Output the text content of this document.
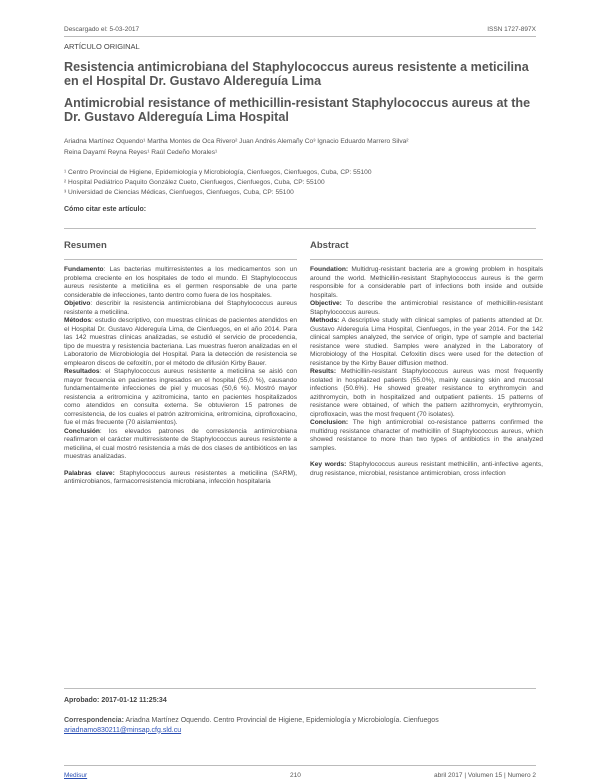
Descargado el: 5-03-2017	ISSN 1727-897X
ARTÍCULO ORIGINAL
Resistencia antimicrobiana del Staphylococcus aureus resistente a meticilina en el Hospital Dr. Gustavo Aldereguía Lima
Antimicrobial resistance of methicillin-resistant Staphylococcus aureus at the Dr. Gustavo Aldereguía Lima Hospital
Ariadna Martínez Oquendo¹ Martha Montes de Oca Rivero² Juan Andrés Alemañy Co³ Ignacio Eduardo Marrero Silva²
Reina Dayamí Reyna Reyes¹ Raúl Cedeño Morales¹
¹ Centro Provincial de Higiene, Epidemiología y Microbiología, Cienfuegos, Cienfuegos, Cuba, CP: 55100
² Hospital Pediátrico Paquito González Cueto, Cienfuegos, Cienfuegos, Cuba, CP: 55100
³ Universidad de Ciencias Médicas, Cienfuegos, Cienfuegos, Cuba, CP: 55100
Cómo citar este artículo:
Resumen

Fundamento: Las bacterias multirresistentes a los medicamentos son un problema creciente en los hospitales de todo el mundo. El Staphylococcus aureus resistente a meticilina es el germen responsable de una parte considerable de infecciones, tanto dentro como fuera de los hospitales.

Objetivo: describir la resistencia antimicrobiana del Staphylococcus aureus resistente a meticilina.

Métodos: estudio descriptivo, con muestras clínicas de pacientes atendidos en el Hospital Dr. Gustavo Aldereguía Lima, de Cienfuegos, en el año 2014. Para las 142 muestras clínicas analizadas, se estudió el servicio de procedencia, tipo de muestra y resistencia bacteriana. Las muestras fueron analizadas en el Laboratorio de Microbiología del Hospital. Para la detección de resistencia se emplearon discos de cefoxitín, por el método de difusión Kirby Bauer.

Resultados: el Staphylococcus aureus resistente a meticilina se aisló con mayor frecuencia en pacientes ingresados en el hospital (55,0 %), causando fundamentalmente infecciones de piel y mucosas (50,6 %). Mostró mayor resistencia a eritromicina y azitromicina, tanto en pacientes hospitalizados como atendidos en consulta externa. Se obtuvieron 15 patrones de corresistencia, de los cuales el patrón azitromicina, eritromicina, ciprofloxacino, fue el más frecuente (70 aislamientos).

Conclusión: los elevados patrones de corresistencia antimicrobiana reafirmaron el carácter multirresistente de Staphylococcus aureus resistente a meticilina, el cual mostró resistencia a más de dos clases de antibióticos en las muestras analizadas.

Palabras clave: Staphylococcus aureus resistentes a meticilina (SARM), antimicrobianos, farmacorresistencia microbiana, infección hospitalaria

Abstract

Foundation: Multidrug-resistant bacteria are a growing problem in hospitals around the world. Methicillin-resistant Staphylococcus aureus is the germ responsible for a considerable part of infections both inside and outside hospitals.

Objective: To describe the antimicrobial resistance of methicillin-resistant Staphylococcus aureus.

Methods: A descriptive study with clinical samples of patients attended at Dr. Gustavo Aldereguía Lima Hospital, Cienfuegos, in the year 2014. For the 142 clinical samples analyzed, the service of origin, type of sample and bacterial resistance were studied. Samples were analyzed in the Laboratory of Microbiology of the Hospital. Cefoxitin discs were used for the detection of resistance by the Kirby Bauer diffusion method.

Results: Methicillin-resistant Staphylococcus aureus was most frequently isolated in hospitalized patients (55.0%), mainly causing skin and mucosal infections (50.6%). He showed greater resistance to erythromycin and azithromycin, both in hospitalized and outpatient patients. 15 patterns of resistance were obtained, of which the pattern azithromycin, erythromycin, ciprofloxacin, was the most frequent (70 isolates).

Conclusion: The high antimicrobial co-resistance patterns confirmed the multidrug resistance character of methicillin of Staphylococcus aureus, which showed resistance to more than two types of antibiotics in the analyzed samples.

Key words: Staphylococcus aureus resistant methicillin, anti-infective agents, drug resistance, microbial, resistance antimicrobian, cross infection

Aprobado: 2017-01-12 11:25:34
Correspondencia: Ariadna Martínez Oquendo. Centro Provincial de Higiene, Epidemiología y Microbiología. Cienfuegos ariadnamo830211@minsap.cfg.sld.cu
Medisur	210	abril 2017 | Volumen 15 | Numero 2
